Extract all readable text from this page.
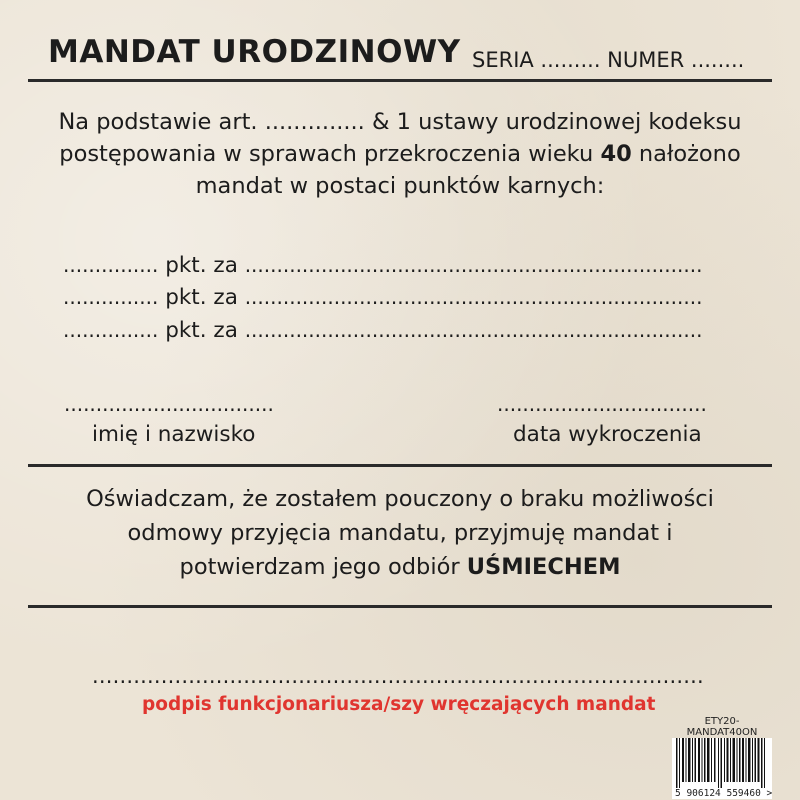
MANDAT URODZINOWY SERIA ......... NUMER ........
Na podstawie art. .............. & 1 ustawy urodzinowej kodeksu
postępowania w sprawach przekroczenia wieku 40 nałożono
mandat w postaci punktów karnych:
............... pkt. za ........................................................................
............... pkt. za ........................................................................
............... pkt. za ........................................................................
.................................
imię i nazwisko
.................................
data wykroczenia
Oświadczam, że zostałem pouczony o braku możliwości
odmowy przyjęcia mandatu, przyjmuję mandat i
potwierdzam jego odbiór UŚMIECHEM
.........................................................................................
podpis funkcjonariusza/szy wręczających mandat
ETY20-MANDAT40ON
5 906124 559460 >
